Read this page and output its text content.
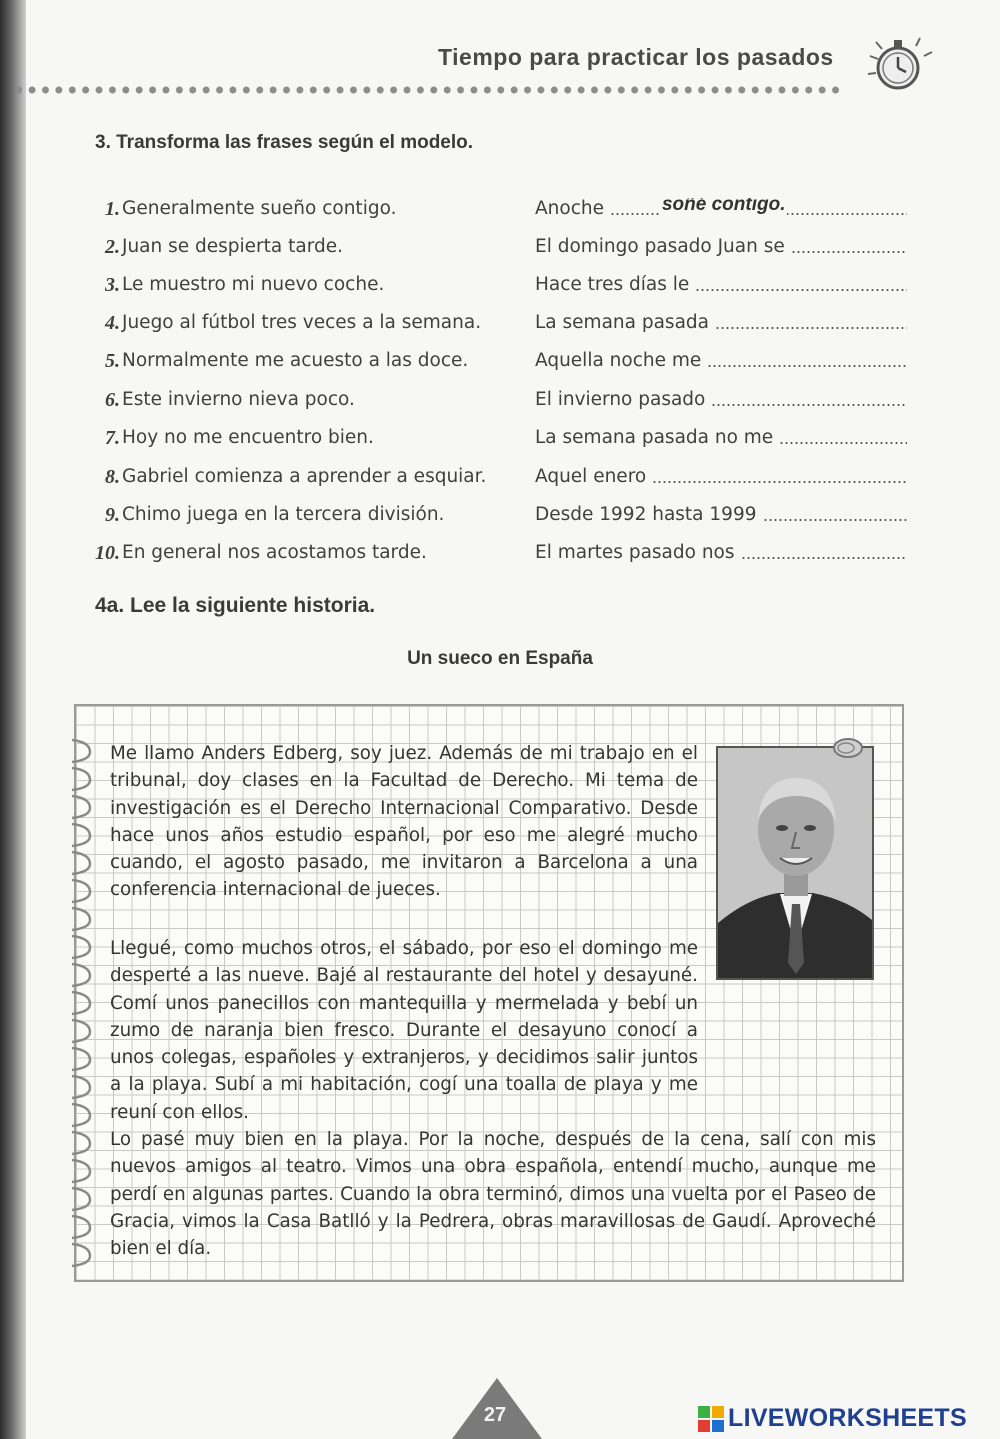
Tiempo para practicar los pasados
3. Transforma las frases según el modelo.
1. Generalmente sueño contigo.	Anoche	soñé contigo.
2. Juan se despierta tarde.	El domingo pasado Juan se
3. Le muestro mi nuevo coche.	Hace tres días le
4. Juego al fútbol tres veces a la semana.	La semana pasada
5. Normalmente me acuesto a las doce.	Aquella noche me
6. Este invierno nieva poco.	El invierno pasado
7. Hoy no me encuentro bien.	La semana pasada no me
8. Gabriel comienza a aprender a esquiar.	Aquel enero
9. Chimo juega en la tercera división.	Desde 1992 hasta 1999
10. En general nos acostamos tarde.	El martes pasado nos
4a. Lee la siguiente historia.
Un sueco en España

Me llamo Anders Edberg, soy juez. Además de mi trabajo en el tribunal, doy clases en la Facultad de Derecho. Mi tema de investigación es el Derecho Internacional Comparativo. Desde hace unos años estudio español, por eso me alegré mucho cuando, el agosto pasado, me invitaron a Barcelona a una conferencia internacional de jueces.

Llegué, como muchos otros, el sábado, por eso el domingo me desperté a las nueve. Bajé al restaurante del hotel y desayuné. Comí unos panecillos con mantequilla y mermelada y bebí un zumo de naranja bien fresco. Durante el desayuno conocí a unos colegas, españoles y extranjeros, y decidimos salir juntos a la playa. Subí a mi habitación, cogí una toalla de playa y me reuní con ellos.

Lo pasé muy bien en la playa. Por la noche, después de la cena, salí con mis nuevos amigos al teatro. Vimos una obra española, entendí mucho, aunque me perdí en algunas partes. Cuando la obra terminó, dimos una vuelta por el Paseo de Gracia, vimos la Casa Batlló y la Pedrera, obras maravillosas de Gaudí. Aproveché bien el día.

27	LIVEWORKSHEETS
